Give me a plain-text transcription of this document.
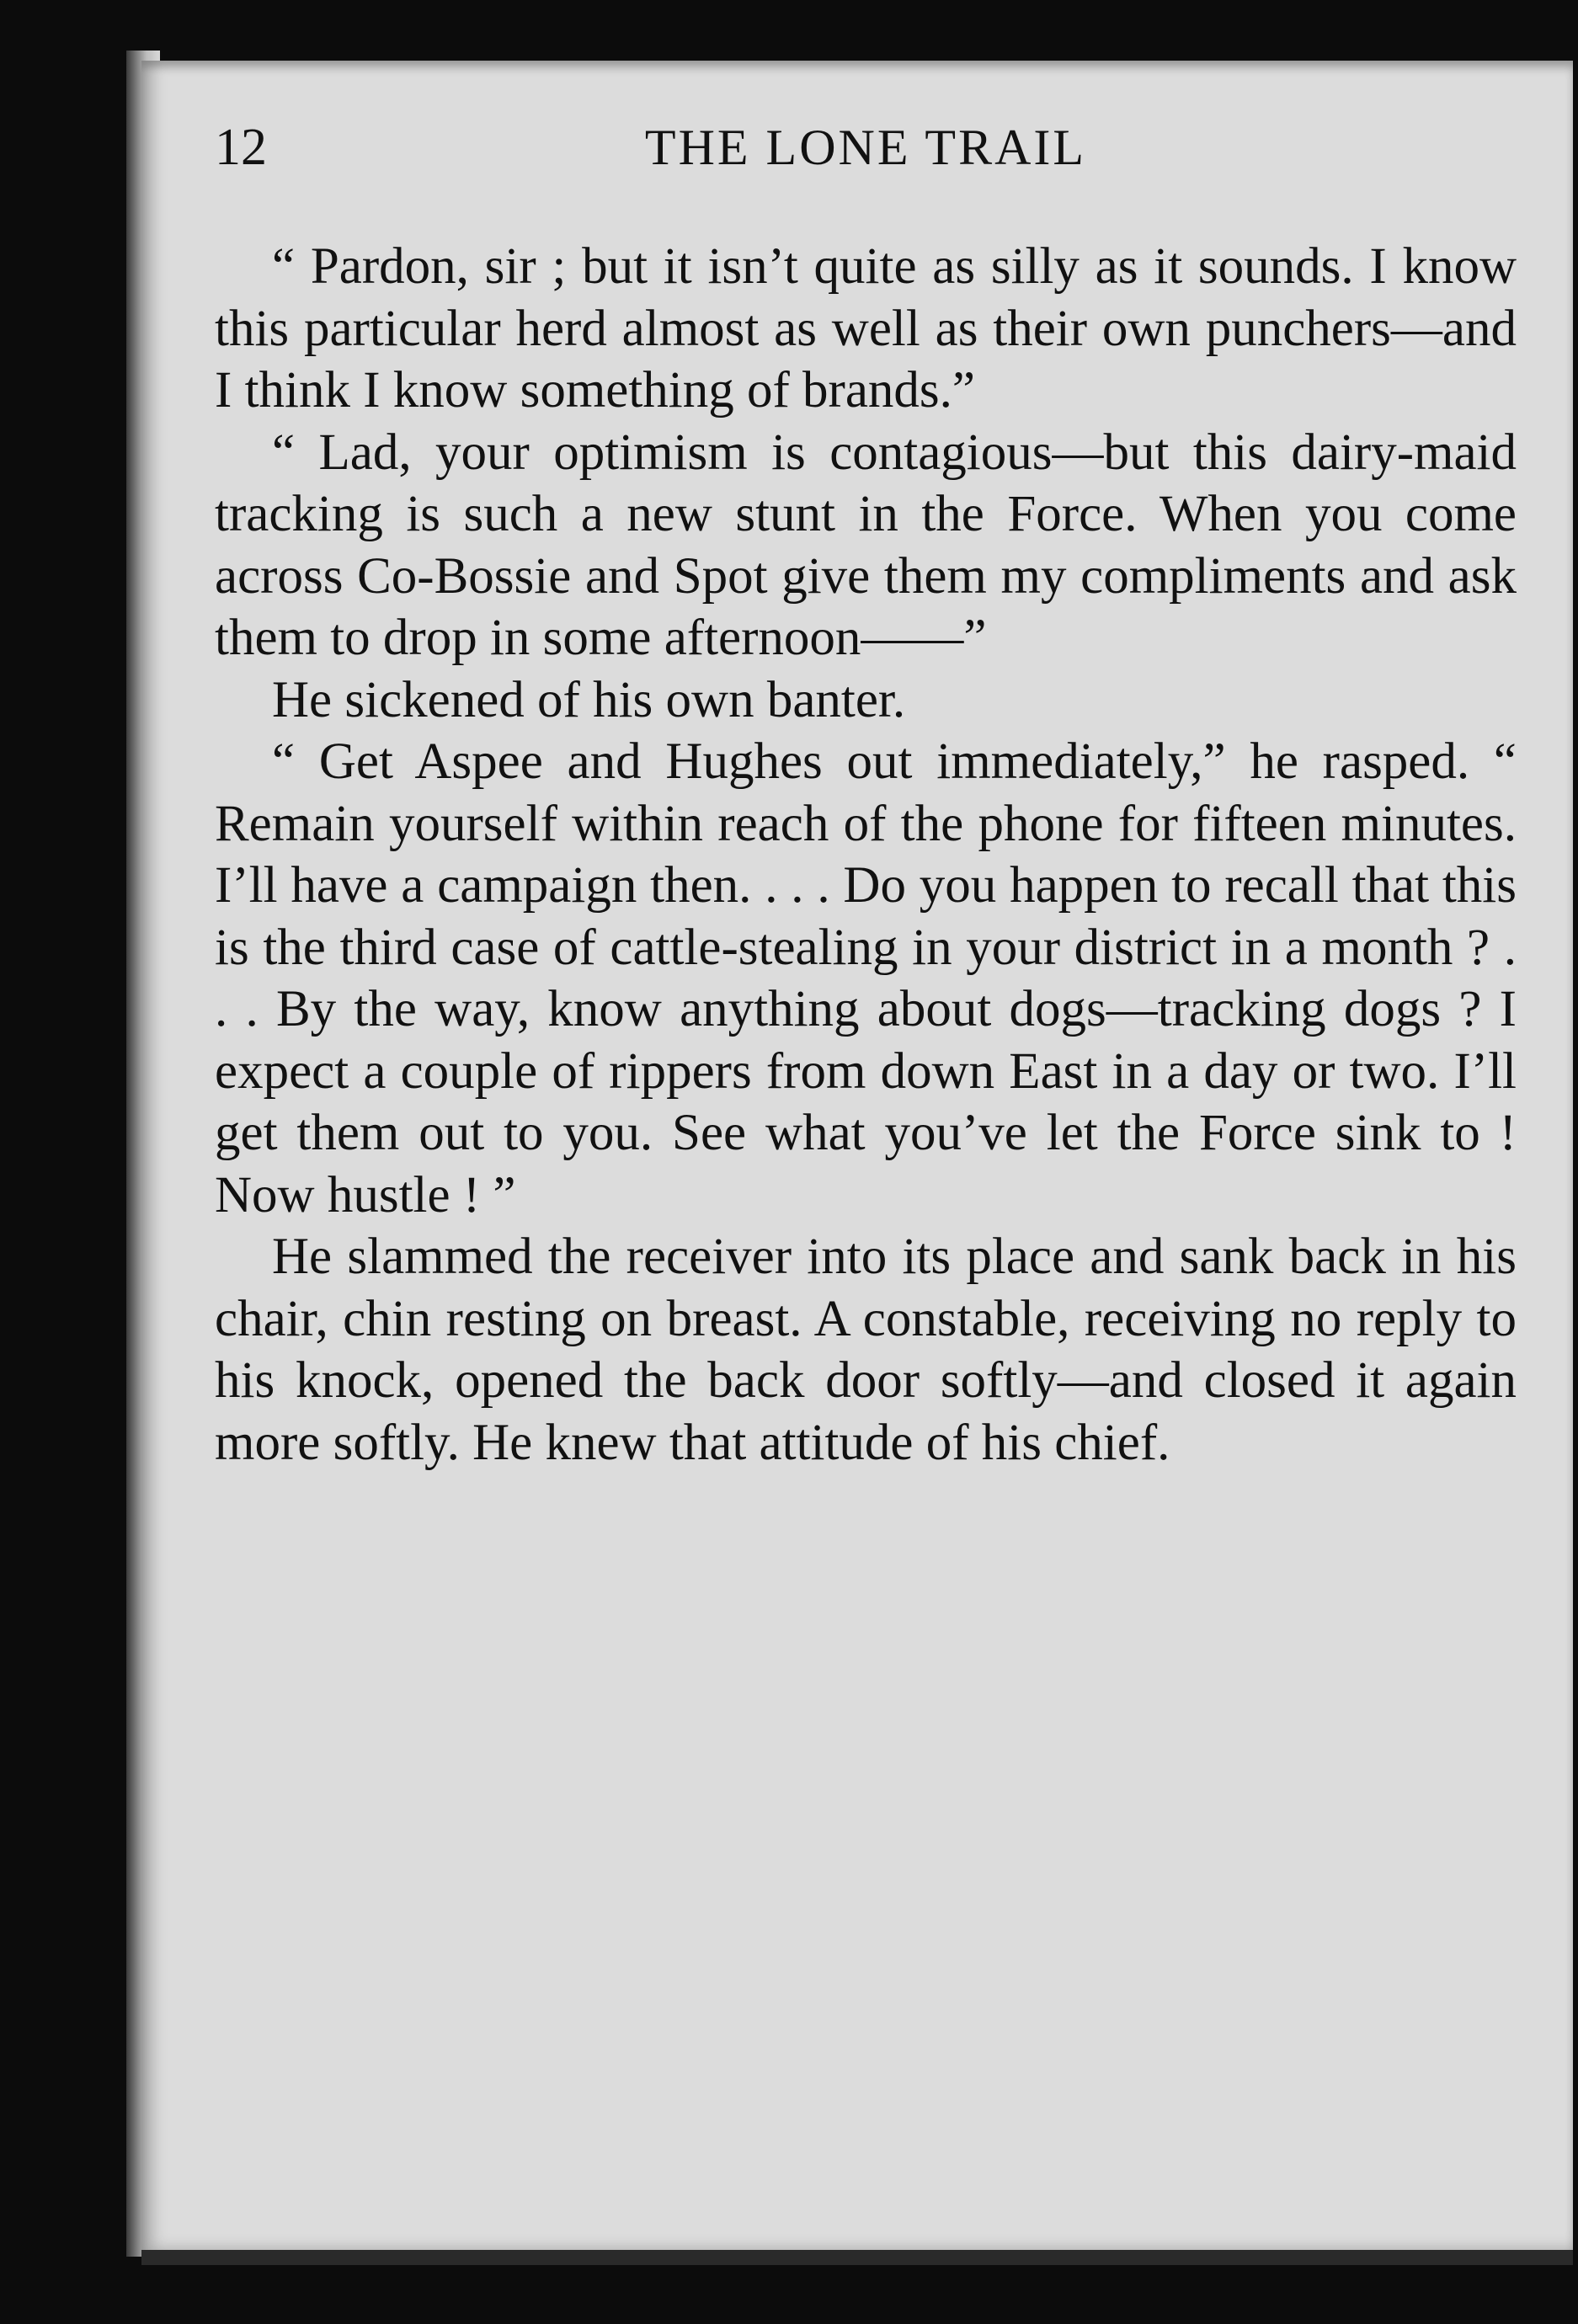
12	THE LONE TRAIL

“ Pardon, sir ; but it isn’t quite as silly as it sounds. I know this particular herd almost as well as their own punchers—and I think I know something of brands.”

“ Lad, your optimism is contagious—but this dairy-maid tracking is such a new stunt in the Force. When you come across Co-Bossie and Spot give them my compliments and ask them to drop in some afternoon——”

He sickened of his own banter.

“ Get Aspee and Hughes out immediately,” he rasped. “ Remain yourself within reach of the phone for fifteen minutes. I’ll have a campaign then. . . . Do you happen to recall that this is the third case of cattle-stealing in your district in a month ? . . . By the way, know anything about dogs—tracking dogs ? I expect a couple of rippers from down East in a day or two. I’ll get them out to you. See what you’ve let the Force sink to ! Now hustle ! ”

He slammed the receiver into its place and sank back in his chair, chin resting on breast. A constable, receiving no reply to his knock, opened the back door softly—and closed it again more softly. He knew that attitude of his chief.
